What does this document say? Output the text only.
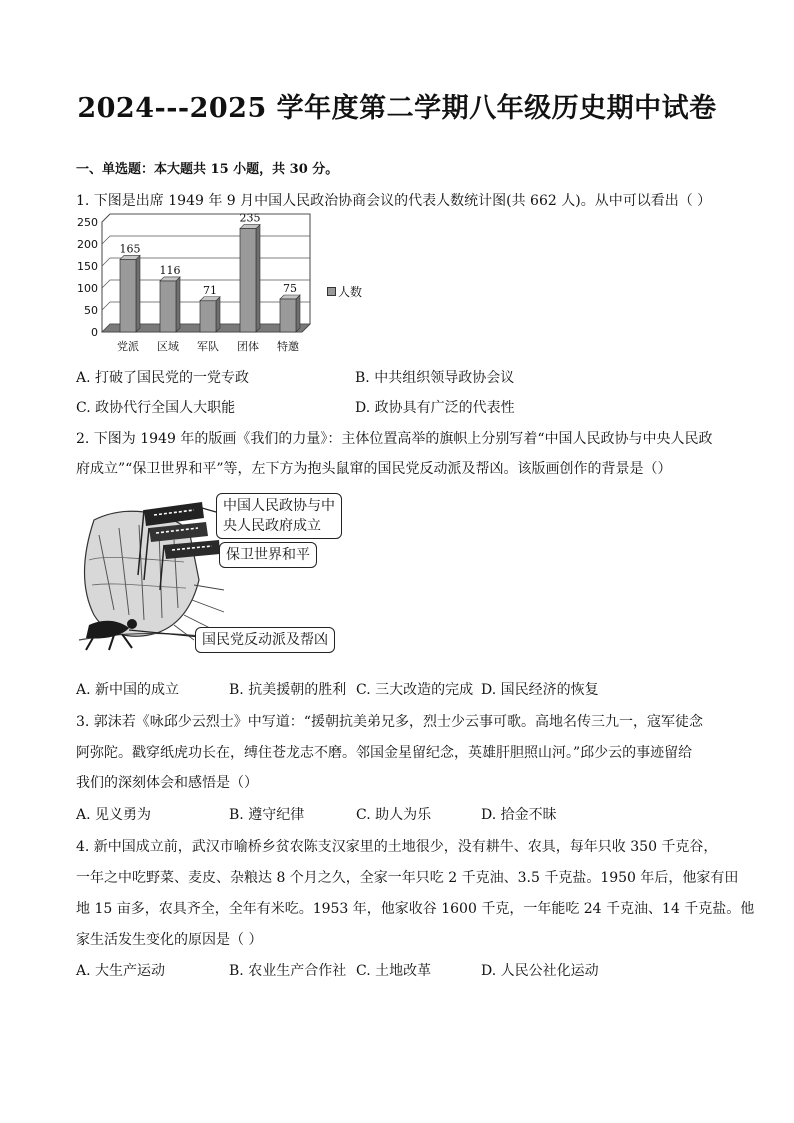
2024---2025 学年度第二学期八年级历史期中试卷
一、单选题：本大题共 15 小题，共 30 分。
1. 下图是出席 1949 年 9 月中国人民政治协商会议的代表人数统计图(共 662 人)。从中可以看出（ ）
250
200
150
100
50
0
165
党派
116
区域
71
军队
235
团体
75
特邀
人数
A. 打破了国民党的一党专政	B. 中共组织领导政协会议
C. 政协代行全国人大职能	D. 政协具有广泛的代表性
2. 下图为 1949 年的版画《我们的力量》：主体位置高举的旗帜上分别写着“中国人民政协与中央人民政
府成立”“保卫世界和平”等，左下方为抱头鼠窜的国民党反动派及帮凶。该版画创作的背景是（）
中国人民政协与中
央人民政府成立
保卫世界和平
国民党反动派及帮凶
A. 新中国的成立	B. 抗美援朝的胜利 C. 三大改造的完成 D. 国民经济的恢复
3. 郭沫若《咏邱少云烈士》中写道：“援朝抗美弟兄多，烈士少云事可歌。高地名传三九一，寇军徒念
阿弥陀。戳穿纸虎功长在，缚住苍龙志不磨。邻国金星留纪念，英雄肝胆照山河。”邱少云的事迹留给
我们的深刻体会和感悟是（）
A. 见义勇为	B. 遵守纪律	C. 助人为乐	D. 拾金不昧
4. 新中国成立前，武汉市喻桥乡贫农陈支汉家里的土地很少，没有耕牛、农具，每年只收 350 千克谷，
一年之中吃野菜、麦皮、杂粮达 8 个月之久，全家一年只吃 2 千克油、3.5 千克盐。1950 年后，他家有田
地 15 亩多，农具齐全，全年有米吃。1953 年，他家收谷 1600 千克，一年能吃 24 千克油、14 千克盐。他
家生活发生变化的原因是（ ）
A. 大生产运动	B. 农业生产合作社 C. 土地改革	D. 人民公社化运动
